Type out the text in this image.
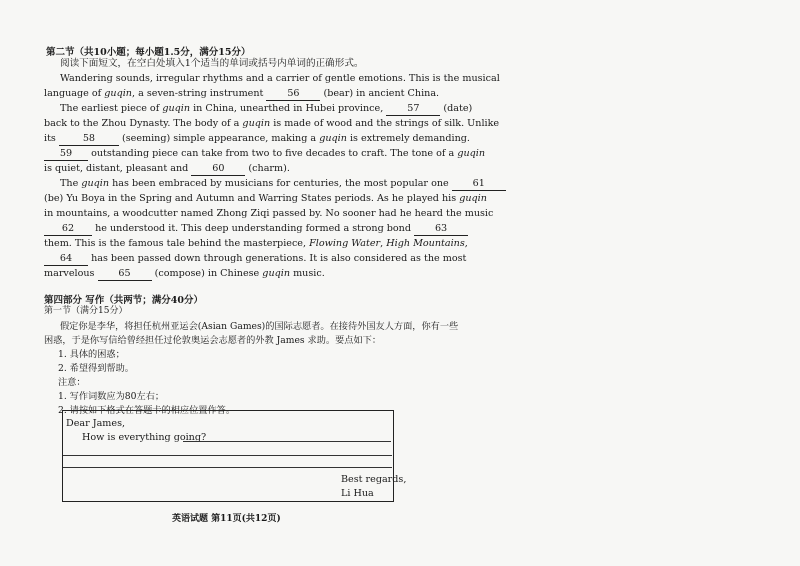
第二节（共10小题；每小题1.5分，满分15分）
阅读下面短文，在空白处填入1个适当的单词或括号内单词的正确形式。
Wandering sounds, irregular rhythms and a carrier of gentle emotions. This is the musical
language of guqin, a seven-string instrument 56 (bear) in ancient China.
The earliest piece of guqin in China, unearthed in Hubei province, 57 (date)
back to the Zhou Dynasty. The body of a guqin is made of wood and the strings of silk. Unlike
its	58	(seeming) simple appearance, making a guqin is extremely demanding.
59 outstanding piece can take from two to five decades to craft. The tone of a guqin
is quiet, distant, pleasant and 60 (charm).
The guqin has been embraced by musicians for centuries, the most popular one 61
(be) Yu Boya in the Spring and Autumn and Warring States periods. As he played his guqin
in mountains, a woodcutter named Zhong Ziqi passed by. No sooner had he heard the music
62 he understood it. This deep understanding formed a strong bond 63
them. This is the famous tale behind the masterpiece, Flowing Water, High Mountains,
64 has been passed down through generations. It is also considered as the most
marvelous 65 (compose) in Chinese guqin music.
第四部分 写作（共两节；满分40分）
第一节（满分15分）
假定你是李华，将担任杭州亚运会(Asian Games)的国际志愿者。在接待外国友人方面，你有一些
困惑，于是你写信给曾经担任过伦敦奥运会志愿者的外教 James 求助。要点如下：
1. 具体的困惑；
2. 希望得到帮助。
注意：
1. 写作词数应为80左右；
2. 请按如下格式在答题卡的相应位置作答。
Dear James,
How is everything going?
Best regards,
Li Hua
英语试题 第11页(共12页)
